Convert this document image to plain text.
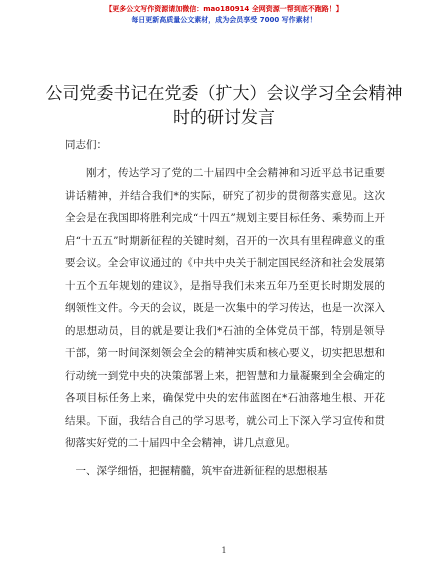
【更多公文写作资源请加微信：mao180914 全网资源一帮到底不跑路！】
每日更新高质量公文素材，成为会员享受 7000 写作素材！
公司党委书记在党委（扩大）会议学习全会精神时的研讨发言
同志们：
刚才，传达学习了党的二十届四中全会精神和习近平总书记重要讲话精神，并结合我们*的实际，研究了初步的贯彻落实意见。这次全会是在我国即将胜利完成“十四五”规划主要目标任务、乘势而上开启“十五五”时期新征程的关键时刻，召开的一次具有里程碑意义的重要会议。全会审议通过的《中共中央关于制定国民经济和社会发展第十五个五年规划的建议》，是指导我们未来五年乃至更长时期发展的纲领性文件。今天的会议，既是一次集中的学习传达，也是一次深入的思想动员，目的就是要让我们*石油的全体党员干部，特别是领导干部，第一时间深刻领会全会的精神实质和核心要义，切实把思想和行动统一到党中央的决策部署上来，把智慧和力量凝聚到全会确定的各项目标任务上来，确保党中央的宏伟蓝图在*石油落地生根、开花结果。下面，我结合自己的学习思考，就公司上下深入学习宣传和贯彻落实好党的二十届四中全会精神，讲几点意见。
一、深学细悟，把握精髓，筑牢奋进新征程的思想根基
1
